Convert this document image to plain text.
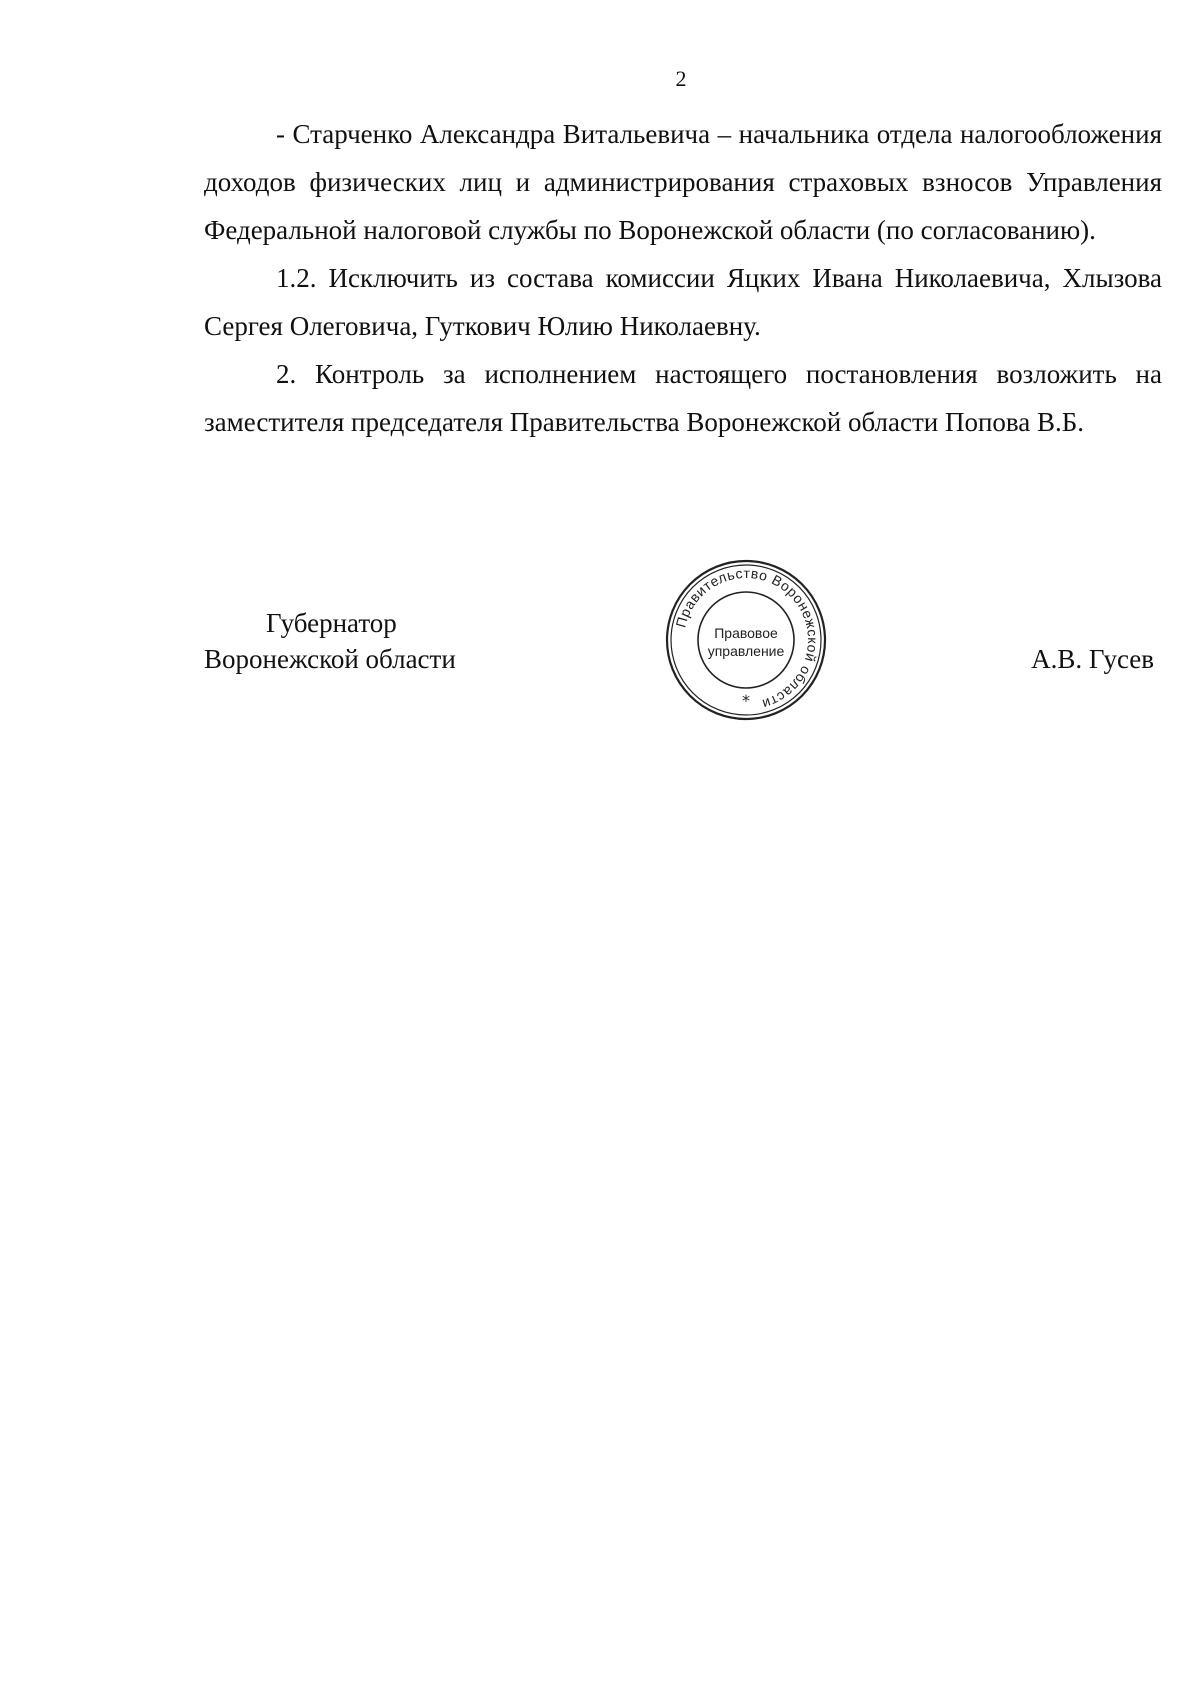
2

- Старченко Александра Витальевича – начальника отдела налогообложения доходов физических лиц и администрирования страховых взносов Управления Федеральной налоговой службы по Воронежской области (по согласованию).

1.2. Исключить из состава комиссии Яцких Ивана Николаевича, Хлызова Сергея Олеговича, Гуткович Юлию Николаевну.

2. Контроль за исполнением настоящего постановления возложить на заместителя председателя Правительства Воронежской области Попова В.Б.

Губернатор
Воронежской области
Правительство Воронежской области
Правовое
управление
*
А.В. Гусев
